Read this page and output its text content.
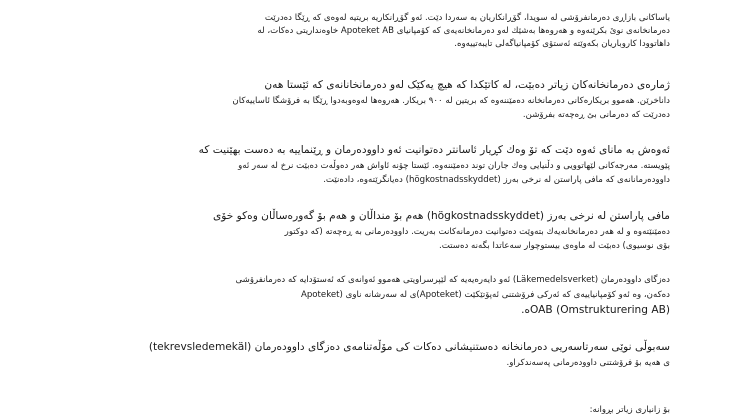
یاساکانی بازاڕی دەرمانفرۆشی لە سویدا، گۆڕانکاریان بە سەردا دێت. ئەو گۆڕانکاریە بریتیە لەوەی کە ڕێگا دەدرێت
دەرمانخانەی نوێ بکرێنەوە و هەروەها بەشێك لەو دەرمانخانەیەی کە کۆمپانیای Apoteket AB خاوەنداریتی دەکات، لە
داهاتوودا کاروباریان بکەوێتە ئەستۆی کۆمپانیاگەلی تایبەتییەوە.
ژمارەی دەرمانخانەکان زیاتر دەبێت، لە کاتێکدا کە هیچ یەکێک لەو دەرمانخانانەی کە ئێستا هەن
داناخرێن. هەموو بریکارەکانی دەرمانخانە دەمێننەوە کە بریتین لە ٩٠٠ بریکار. هەروەها لەوەوبەدوا ڕێگا بە فرۆشگا ئاساییەکان
دەدرێت کە دەرمانی بێ ڕەچەتە بفرۆشن.
ئەوەش بە مانای ئەوە دێت کە تۆ وەك کڕیار ئاسانتر دەتوانیت ئەو داوودەرمان و ڕێنماییە بە دەست بهێنیت کە
پێویستە. مەرجەکانی لێهاتوویی و دڵنیایی وەك جاران توند دەمێننەوە. ئێستا چۆنە ئاواش هەر دەوڵەت دەبێت نرخ لە سەر ئەو
داوودەرمانانەی کە مافی پاراستن لە نرخی بەرز (högkostnadsskyddet) دەیانگرێتەوە، دادەنێت.
مافی پاراستن لە نرخی بەرز (högkostnadsskyddet) هەم بۆ منداڵان و هەم بۆ گەورەساڵان وەکو خۆی
دەمێنێتەوە و لە هەر دەرمانخانەیەك بتەوێت دەتوانیت دەرمانەکانت بەریت. داوودەرمانی بە ڕەچەتە (کە دوکتور
بۆی نوسیوی) دەبێت لە ماوەی بیستوچوار سەعاتدا بگەنە دەستت.
دەزگای داوودەرمان (Läkemedelsverket) ئەو دایەرەیەیە کە لێپرسراویتی هەموو ئەوانەی کە ئەستۆدایە کە دەرمانفرۆشی
دەکەن، وە ئەو کۆمپانیاییەی کە ئەرکی فرۆشتنی ئەپۆتێکێت (Apoteket)ی لە سەرشانە ناوی (Apoteket
OAB (Omstrukturering AB)ە.
سەبوڵی نوێی سەرتاسەریی دەرمانخانە دەستنیشانی دەکات کی مۆڵەتنامەی دەزگای داوودەرمان (tekrevsledemekäl)
ی هەیە بۆ فرۆشتنی داوودەرمانی پەسەندکراو.
بۆ زانیاری زیاتر بڕوانە:
